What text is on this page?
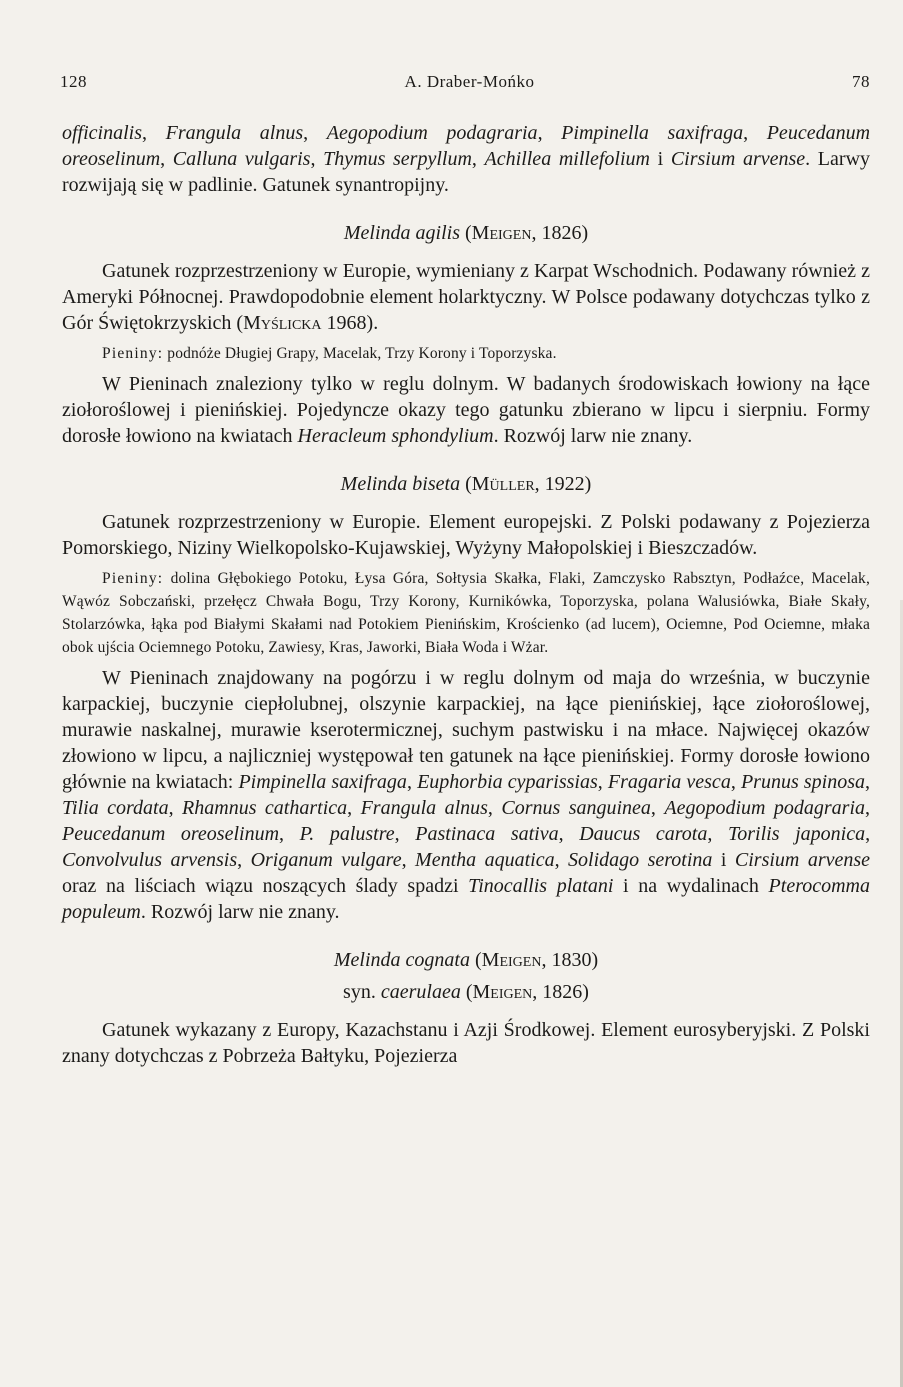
128	A. Draber-Mońko	78

officinalis, Frangula alnus, Aegopodium podagraria, Pimpinella saxifraga, Peucedanum oreoselinum, Calluna vulgaris, Thymus serpyllum, Achillea millefolium i Cirsium arvense. Larwy rozwijają się w padlinie. Gatunek synantropijny.

Melinda agilis (Meigen, 1826)

Gatunek rozprzestrzeniony w Europie, wymieniany z Karpat Wschodnich. Podawany również z Ameryki Północnej. Prawdopodobnie element holarktyczny. W Polsce podawany dotychczas tylko z Gór Świętokrzyskich (Myślicka 1968).

Pieniny: podnóże Długiej Grapy, Macelak, Trzy Korony i Toporzyska.

W Pieninach znaleziony tylko w reglu dolnym. W badanych środowiskach łowiony na łące ziołoroślowej i pienińskiej. Pojedyncze okazy tego gatunku zbierano w lipcu i sierpniu. Formy dorosłe łowiono na kwiatach Heracleum sphondylium. Rozwój larw nie znany.

Melinda biseta (Müller, 1922)

Gatunek rozprzestrzeniony w Europie. Element europejski. Z Polski podawany z Pojezierza Pomorskiego, Niziny Wielkopolsko-Kujawskiej, Wyżyny Małopolskiej i Bieszczadów.

Pieniny: dolina Głębokiego Potoku, Łysa Góra, Sołtysia Skałka, Flaki, Zamczysko Rabsztyn, Podłaźce, Macelak, Wąwóz Sobczański, przełęcz Chwała Bogu, Trzy Korony, Kurnikówka, Toporzyska, polana Walusiówka, Białe Skały, Stolarzówka, łąka pod Białymi Skałami nad Potokiem Pienińskim, Krościenko (ad lucem), Ociemne, Pod Ociemne, młaka obok ujścia Ociemnego Potoku, Zawiesy, Kras, Jaworki, Biała Woda i Wżar.

W Pieninach znajdowany na pogórzu i w reglu dolnym od maja do września, w buczynie karpackiej, buczynie ciepłolubnej, olszynie karpackiej, na łące pienińskiej, łące ziołoroślowej, murawie naskalnej, murawie kserotermicznej, suchym pastwisku i na młace. Najwięcej okazów złowiono w lipcu, a najliczniej występował ten gatunek na łące pienińskiej. Formy dorosłe łowiono głównie na kwiatach: Pimpinella saxifraga, Euphorbia cyparissias, Fragaria vesca, Prunus spinosa, Tilia cordata, Rhamnus cathartica, Frangula alnus, Cornus sanguinea, Aegopodium podagraria, Peucedanum oreoselinum, P. palustre, Pastinaca sativa, Daucus carota, Torilis japonica, Convolvulus arvensis, Origanum vulgare, Mentha aquatica, Solidago serotina i Cirsium arvense oraz na liściach wiązu noszących ślady spadzi Tinocallis platani i na wydalinach Pterocomma populeum. Rozwój larw nie znany.

Melinda cognata (Meigen, 1830)

syn. caerulaea (Meigen, 1826)

Gatunek wykazany z Europy, Kazachstanu i Azji Środkowej. Element eurosyberyjski. Z Polski znany dotychczas z Pobrzeża Bałtyku, Pojezierza
